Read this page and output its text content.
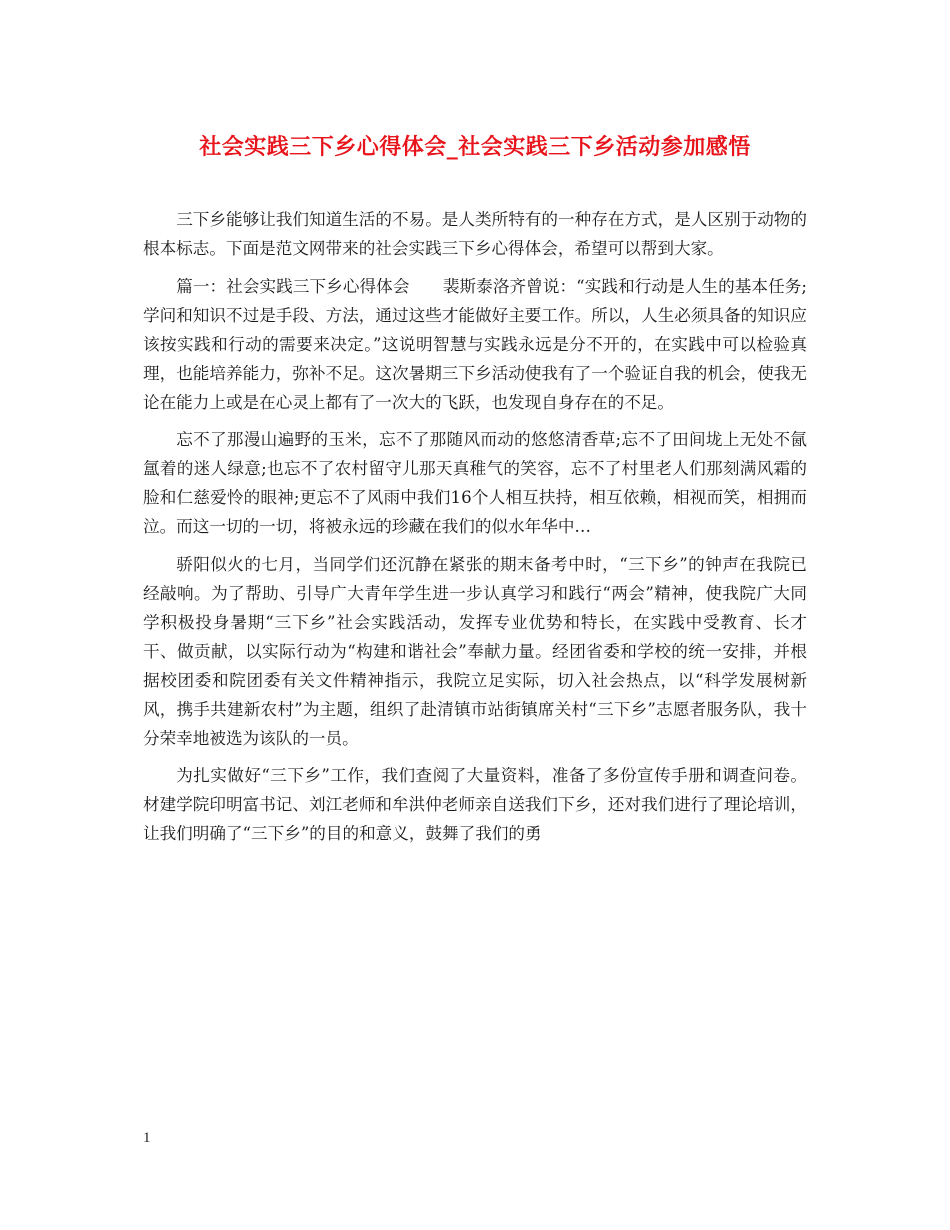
社会实践三下乡心得体会_社会实践三下乡活动参加感悟

三下乡能够让我们知道生活的不易。是人类所特有的一种存在方式，是人区别于动物的根本标志。下面是范文网带来的社会实践三下乡心得体会，希望可以帮到大家。

篇一：社会实践三下乡心得体会　　裴斯泰洛齐曾说：“实践和行动是人生的基本任务;学问和知识不过是手段、方法，通过这些才能做好主要工作。所以，人生必须具备的知识应该按实践和行动的需要来决定。”这说明智慧与实践永远是分不开的，在实践中可以检验真理，也能培养能力，弥补不足。这次暑期三下乡活动使我有了一个验证自我的机会，使我无论在能力上或是在心灵上都有了一次大的飞跃，也发现自身存在的不足。

忘不了那漫山遍野的玉米，忘不了那随风而动的悠悠清香草;忘不了田间垅上无处不氤氲着的迷人绿意;也忘不了农村留守儿那天真稚气的笑容，忘不了村里老人们那刻满风霜的脸和仁慈爱怜的眼神;更忘不了风雨中我们16个人相互扶持，相互依赖，相视而笑，相拥而泣。而这一切的一切，将被永远的珍藏在我们的似水年华中…

骄阳似火的七月，当同学们还沉静在紧张的期末备考中时，“三下乡”的钟声在我院已经敲响。为了帮助、引导广大青年学生进一步认真学习和践行“两会”精神，使我院广大同学积极投身暑期“三下乡”社会实践活动，发挥专业优势和特长，在实践中受教育、长才干、做贡献，以实际行动为“构建和谐社会”奉献力量。经团省委和学校的统一安排，并根据校团委和院团委有关文件精神指示，我院立足实际，切入社会热点，以“科学发展树新风，携手共建新农村”为主题，组织了赴清镇市站街镇席关村“三下乡”志愿者服务队，我十分荣幸地被选为该队的一员。

为扎实做好“三下乡”工作，我们查阅了大量资料，准备了多份宣传手册和调查问卷。材建学院印明富书记、刘江老师和牟洪仲老师亲自送我们下乡，还对我们进行了理论培训，让我们明确了“三下乡”的目的和意义，鼓舞了我们的勇

1
